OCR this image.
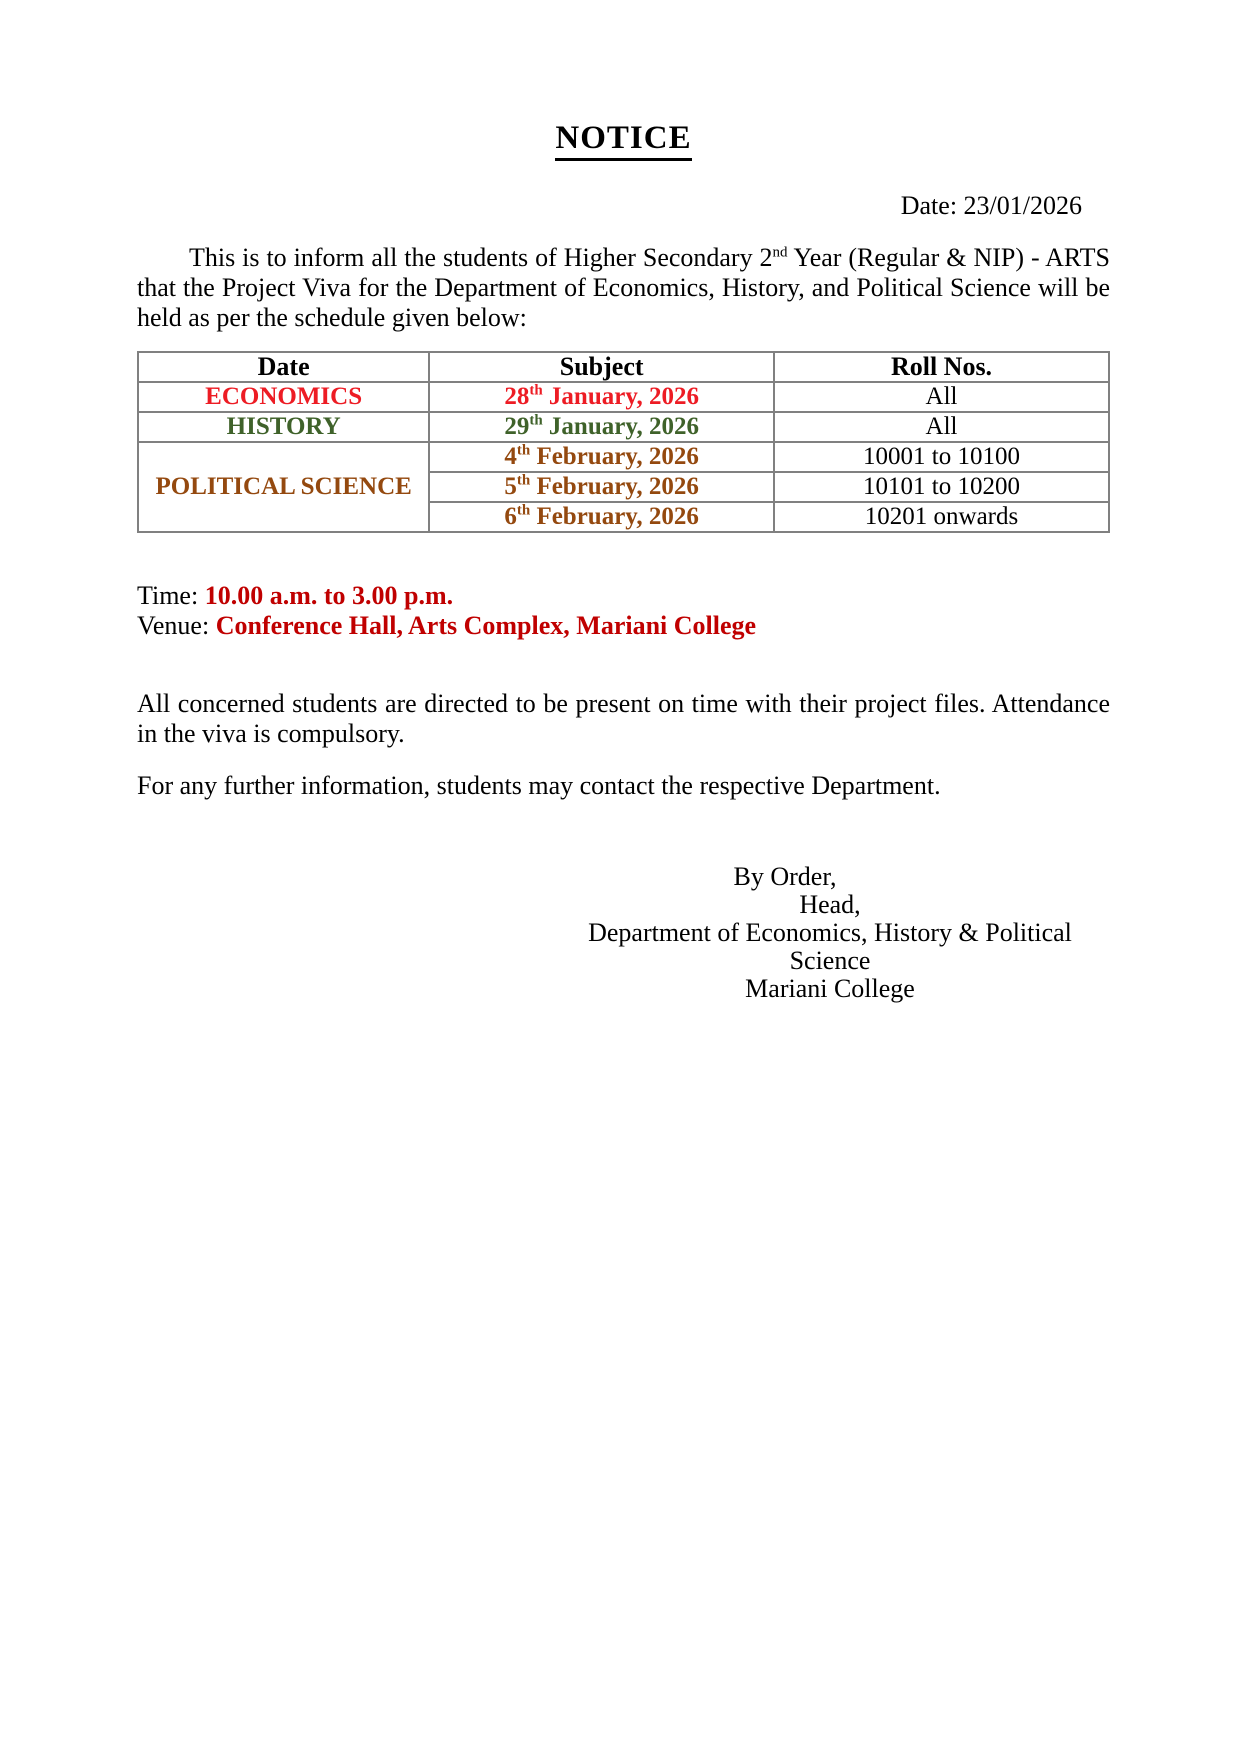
NOTICE
Date: 23/01/2026

This is to inform all the students of Higher Secondary 2nd Year (Regular & NIP) - ARTS that the Project Viva for the Department of Economics, History, and Political Science will be held as per the schedule given below:

Date	Subject	Roll Nos.
ECONOMICS	28th January, 2026	All
HISTORY	29th January, 2026	All
POLITICAL SCIENCE	4th February, 2026	10001 to 10100
	5th February, 2026	10101 to 10200
	6th February, 2026	10201 onwards
Time: 10.00 a.m. to 3.00 p.m.
Venue: Conference Hall, Arts Complex, Mariani College

All concerned students are directed to be present on time with their project files. Attendance in the viva is compulsory.

For any further information, students may contact the respective Department.

By Order,

Head,

Department of Economics, History & Political Science

Mariani College
